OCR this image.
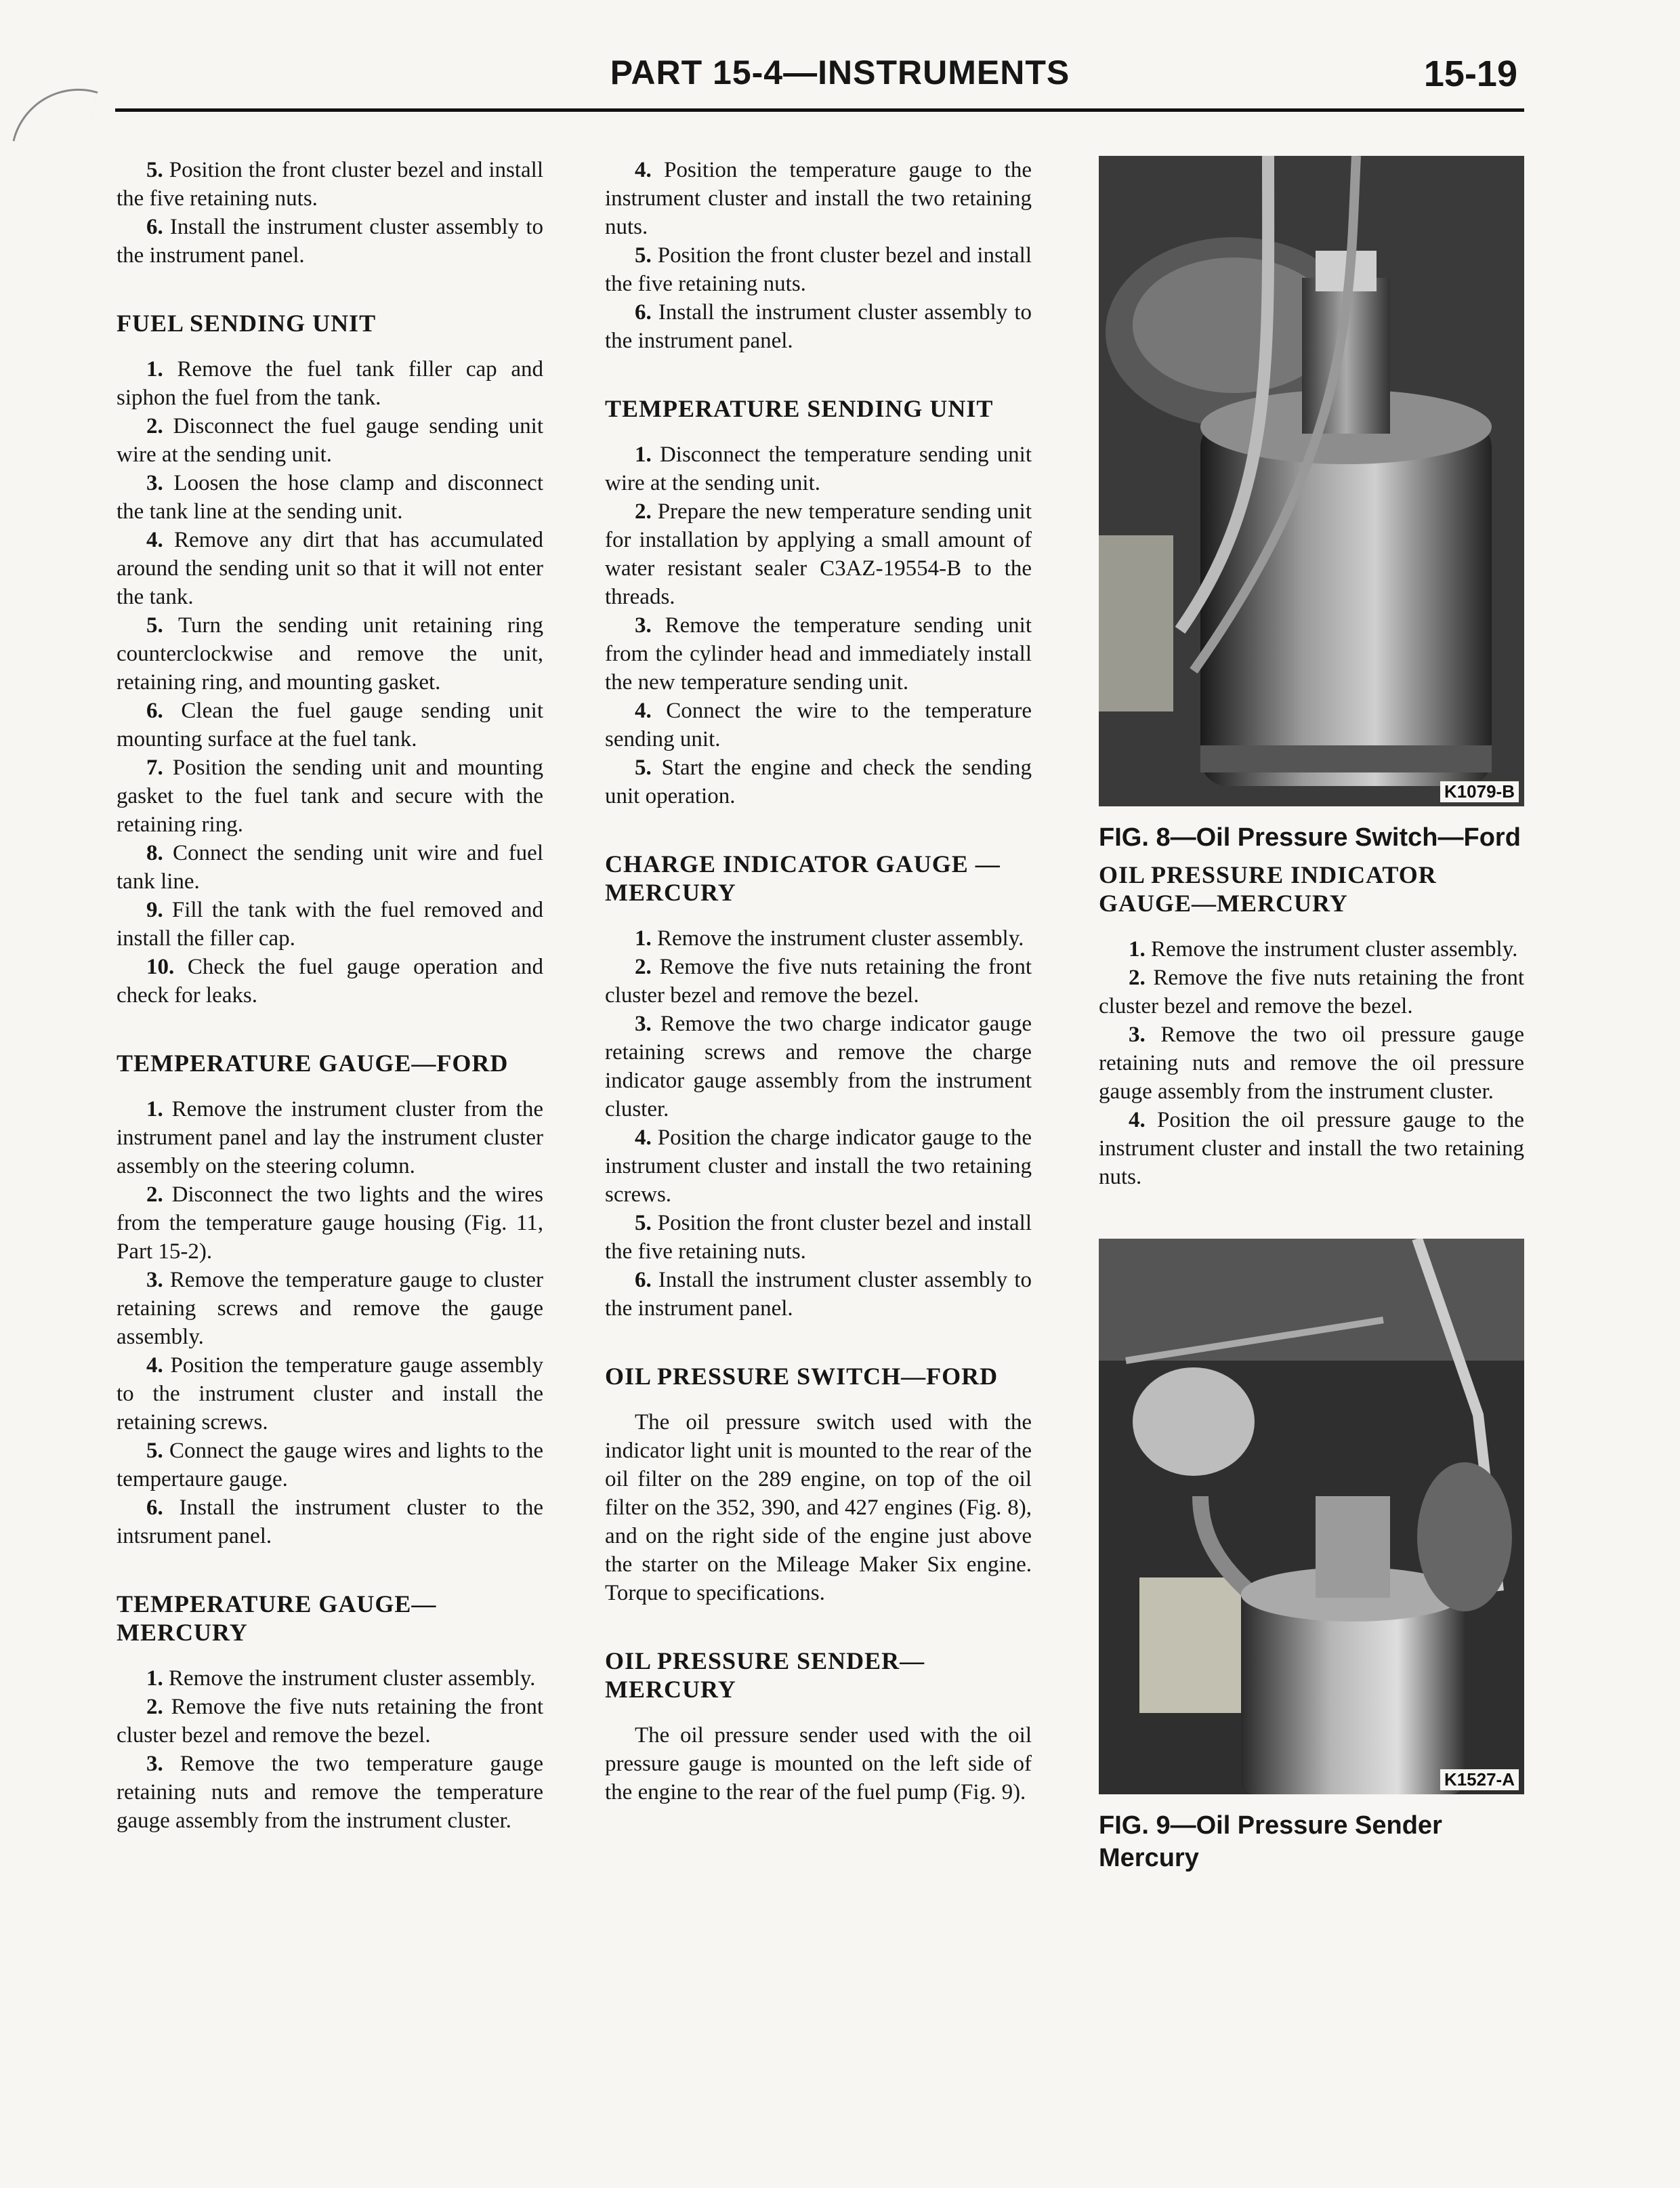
PART 15-4—INSTRUMENTS	15-19

5. Position the front cluster bezel and install the five retaining nuts.

6. Install the instrument cluster assembly to the instrument panel.

FUEL SENDING UNIT

1. Remove the fuel tank filler cap and siphon the fuel from the tank.

2. Disconnect the fuel gauge sending unit wire at the sending unit.

3. Loosen the hose clamp and disconnect the tank line at the sending unit.

4. Remove any dirt that has accumulated around the sending unit so that it will not enter the tank.

5. Turn the sending unit retaining ring counterclockwise and remove the unit, retaining ring, and mounting gasket.

6. Clean the fuel gauge sending unit mounting surface at the fuel tank.

7. Position the sending unit and mounting gasket to the fuel tank and secure with the retaining ring.

8. Connect the sending unit wire and fuel tank line.

9. Fill the tank with the fuel removed and install the filler cap.

10. Check the fuel gauge operation and check for leaks.

TEMPERATURE GAUGE—FORD

1. Remove the instrument cluster from the instrument panel and lay the instrument cluster assembly on the steering column.

2. Disconnect the two lights and the wires from the temperature gauge housing (Fig. 11, Part 15-2).

3. Remove the temperature gauge to cluster retaining screws and remove the gauge assembly.

4. Position the temperature gauge assembly to the instrument cluster and install the retaining screws.

5. Connect the gauge wires and lights to the tempertaure gauge.

6. Install the instrument cluster to the intsrument panel.

TEMPERATURE GAUGE—MERCURY

1. Remove the instrument cluster assembly.

2. Remove the five nuts retaining the front cluster bezel and remove the bezel.

3. Remove the two temperature gauge retaining nuts and remove the temperature gauge assembly from the instrument cluster.

4. Position the temperature gauge to the instrument cluster and install the two retaining nuts.

5. Position the front cluster bezel and install the five retaining nuts.

6. Install the instrument cluster assembly to the instrument panel.

TEMPERATURE SENDING UNIT

1. Disconnect the temperature sending unit wire at the sending unit.

2. Prepare the new temperature sending unit for installation by applying a small amount of water resistant sealer C3AZ-19554-B to the threads.

3. Remove the temperature sending unit from the cylinder head and immediately install the new temperature sending unit.

4. Connect the wire to the temperature sending unit.

5. Start the engine and check the sending unit operation.

CHARGE INDICATOR GAUGE —MERCURY

1. Remove the instrument cluster assembly.

2. Remove the five nuts retaining the front cluster bezel and remove the bezel.

3. Remove the two charge indicator gauge retaining screws and remove the charge indicator gauge assembly from the instrument cluster.

4. Position the charge indicator gauge to the instrument cluster and install the two retaining screws.

5. Position the front cluster bezel and install the five retaining nuts.

6. Install the instrument cluster assembly to the instrument panel.

OIL PRESSURE SWITCH—FORD

The oil pressure switch used with the indicator light unit is mounted to the rear of the oil filter on the 289 engine, on top of the oil filter on the 352, 390, and 427 engines (Fig. 8), and on the right side of the engine just above the starter on the Mileage Maker Six engine. Torque to specifications.

OIL PRESSURE SENDER—MERCURY

The oil pressure sender used with the oil pressure gauge is mounted on the left side of the engine to the rear of the fuel pump (Fig. 9).

K1079-B
FIG. 8—Oil Pressure Switch—Ford
OIL PRESSURE INDICATOR GAUGE—MERCURY

1. Remove the instrument cluster assembly.

2. Remove the five nuts retaining the front cluster bezel and remove the bezel.

3. Remove the two oil pressure gauge retaining nuts and remove the oil pressure gauge assembly from the instrument cluster.

4. Position the oil pressure gauge to the instrument cluster and install the two retaining nuts.

K1527-A
FIG. 9—Oil Pressure Sender Mercury
